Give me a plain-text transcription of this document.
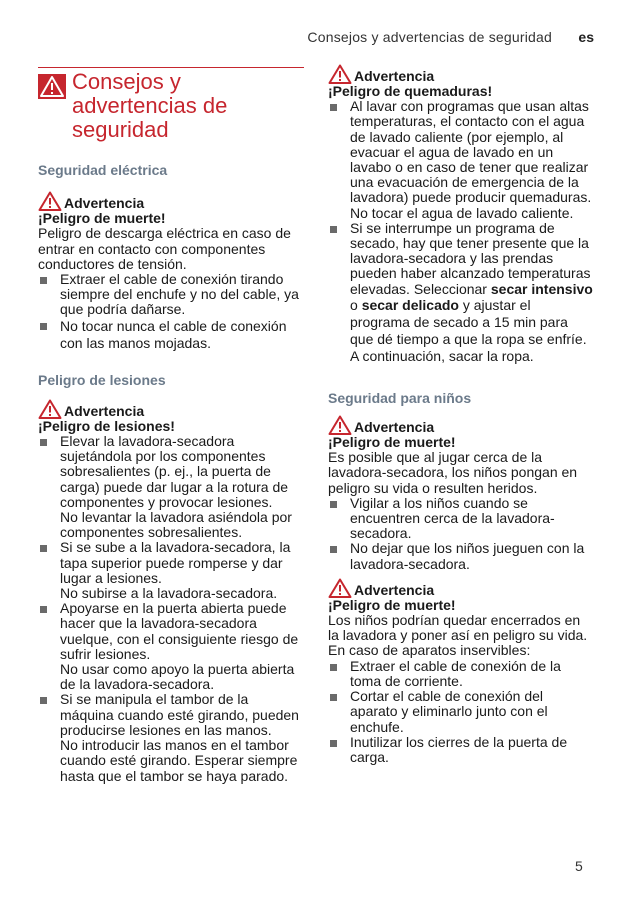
Consejos y advertencias de seguridad es
Consejos y advertencias de seguridad
Seguridad eléctrica
Advertencia

¡Peligro de muerte!

Peligro de descarga eléctrica en caso de entrar en contacto con componentes conductores de tensión.

Extraer el cable de conexión tirando siempre del enchufe y no del cable, ya que podría dañarse.
No tocar nunca el cable de conexión con las manos mojadas.
Peligro de lesiones
Advertencia

¡Peligro de lesiones!

Elevar la lavadora-secadora sujetándola por los componentes sobresalientes (p. ej., la puerta de carga) puede dar lugar a la rotura de componentes y provocar lesiones.
No levantar la lavadora asiéndola por componentes sobresalientes.
Si se sube a la lavadora-secadora, la tapa superior puede romperse y dar lugar a lesiones.
No subirse a la lavadora-secadora.
Apoyarse en la puerta abierta puede hacer que la lavadora-secadora vuelque, con el consiguiente riesgo de sufrir lesiones.
No usar como apoyo la puerta abierta de la lavadora-secadora.
Si se manipula el tambor de la máquina cuando esté girando, pueden producirse lesiones en las manos.
No introducir las manos en el tambor cuando esté girando. Esperar siempre hasta que el tambor se haya parado.
Advertencia

¡Peligro de quemaduras!

Al lavar con programas que usan altas temperaturas, el contacto con el agua de lavado caliente (por ejemplo, al evacuar el agua de lavado en un lavabo o en caso de tener que realizar una evacuación de emergencia de la lavadora) puede producir quemaduras.
No tocar el agua de lavado caliente.
Si se interrumpe un programa de secado, hay que tener presente que la lavadora-secadora y las prendas pueden haber alcanzado temperaturas elevadas. Seleccionar secar intensivo o secar delicado y ajustar el programa de secado a 15 min para que dé tiempo a que la ropa se enfríe. A continuación, sacar la ropa.
Seguridad para niños
Advertencia

¡Peligro de muerte!

Es posible que al jugar cerca de la lavadora-secadora, los niños pongan en peligro su vida o resulten heridos.

Vigilar a los niños cuando se encuentren cerca de la lavadora-secadora.
No dejar que los niños jueguen con la lavadora-secadora.
Advertencia

¡Peligro de muerte!

Los niños podrían quedar encerrados en la lavadora y poner así en peligro su vida.

En caso de aparatos inservibles:

Extraer el cable de conexión de la toma de corriente.
Cortar el cable de conexión del aparato y eliminarlo junto con el enchufe.
Inutilizar los cierres de la puerta de carga.
5
